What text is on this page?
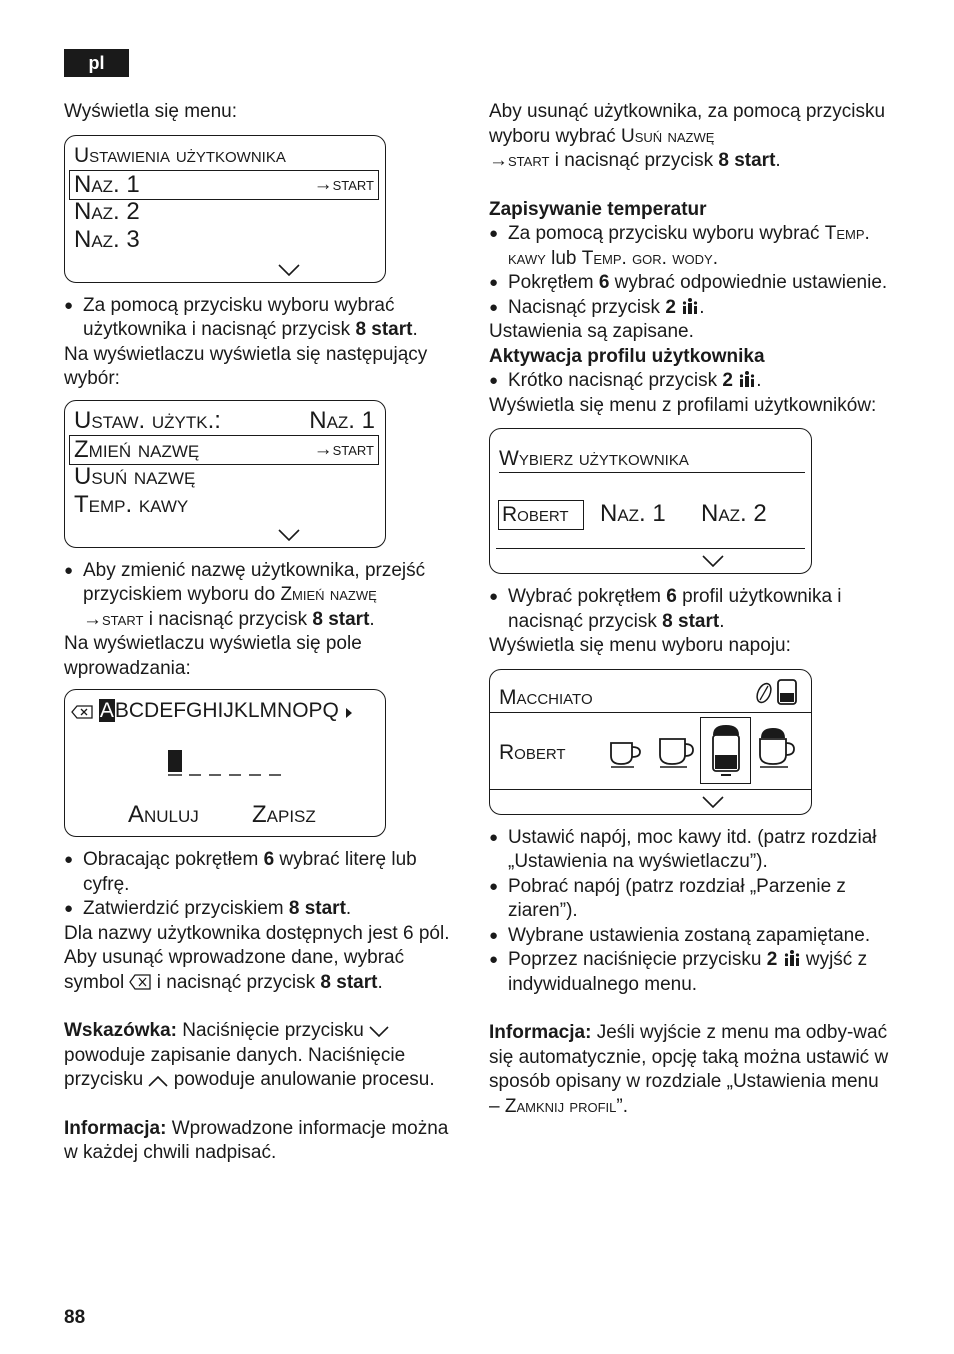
pl

Wyświetla się menu:

Ustawienia użytkownika
Naz. 1	→start
Naz. 2
Naz. 3

● Za pomocą przycisku wyboru wybrać użytkownika i nacisnąć przycisk 8 start.

Na wyświetlaczu wyświetla się następujący wybór:

Ustaw. użytk.:	Naz. 1
Zmień nazwę	→start
Usuń nazwę
Temp. kawy

● Aby zmienić nazwę użytkownika, przejść przyciskiem wyboru do Zmień nazwę
→start i nacisnąć przycisk 8 start.

Na wyświetlaczu wyświetla się pole wprowadzania:

ABCDEFGHIJKLMNOPQ
Anuluj	Zapisz

● Obracając pokrętłem 6 wybrać literę lub cyfrę.

● Zatwierdzić przyciskiem 8 start.

Dla nazwy użytkownika dostępnych jest 6 pól.

Aby usunąć wprowadzone dane, wybrać symbol  i nacisnąć przycisk 8 start.

Wskazówka: Naciśnięcie przycisku  powoduje zapisanie danych. Naciśnięcie przycisku  powoduje anulowanie procesu.

Informacja: Wprowadzone informacje można w każdej chwili nadpisać.

Aby usunąć użytkownika, za pomocą przycisku wyboru wybrać Usuń nazwę
→start i nacisnąć przycisk 8 start.

Zapisywanie temperatur

● Za pomocą przycisku wyboru wybrać Temp. kawy lub Temp. gor. wody.

● Pokrętłem 6 wybrać odpowiednie ustawienie.

● Nacisnąć przycisk 2 .

Ustawienia są zapisane.

Aktywacja profilu użytkownika

● Krótko nacisnąć przycisk 2 .

Wyświetla się menu z profilami użytkowników:

Wybierz użytkownika
Robert	Naz. 1	Naz. 2

● Wybrać pokrętłem 6 profil użytkownika i nacisnąć przycisk 8 start.

Wyświetla się menu wyboru napoju:

Macchiato
Robert

● Ustawić napój, moc kawy itd. (patrz rozdział „Ustawienia na wyświetlaczu”).

● Pobrać napój (patrz rozdział „Parzenie z ziaren”).

● Wybrane ustawienia zostaną zapamiętane.

● Poprzez naciśnięcie przycisku 2  wyjść z indywidualnego menu.

Informacja: Jeśli wyjście z menu ma odby-wać się automatycznie, opcję taką można ustawić w sposób opisany w rozdziale „Ustawienia menu – Zamknij profil”.

88
